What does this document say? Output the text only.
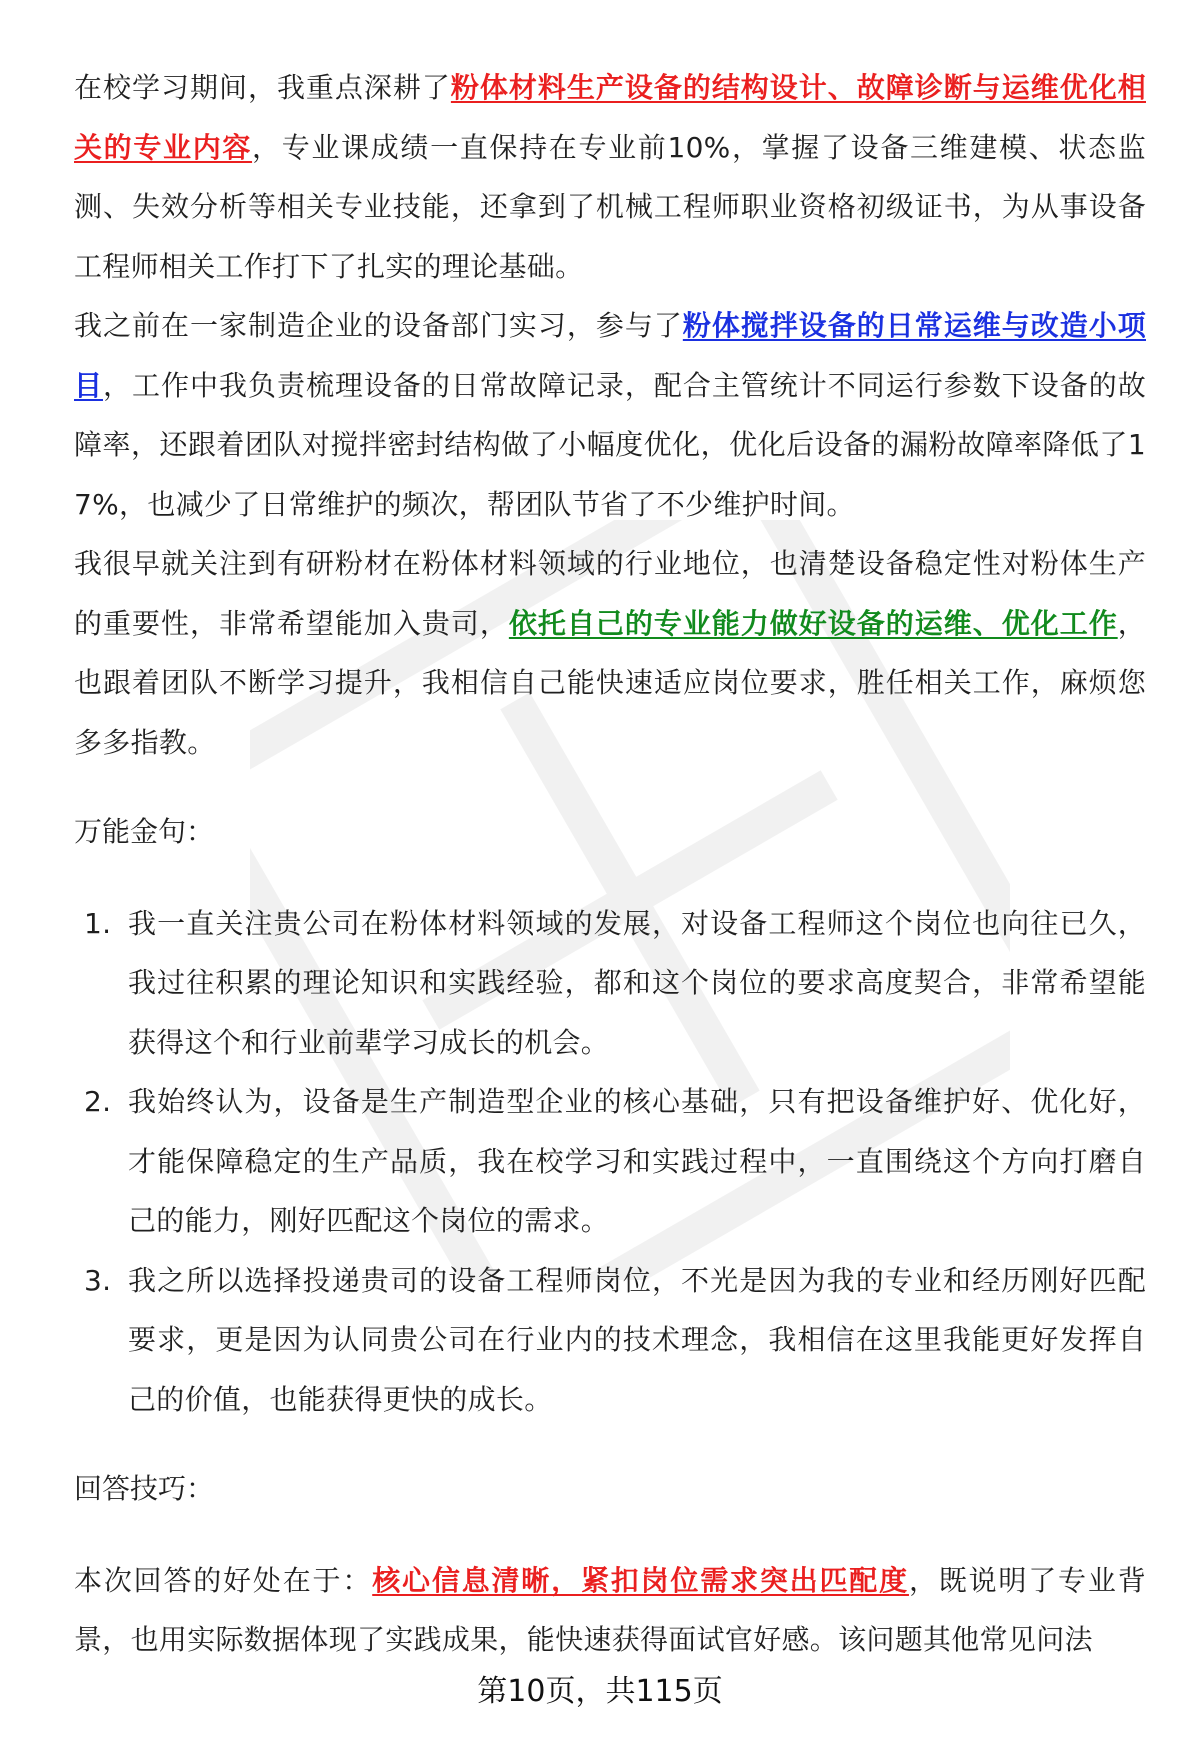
在校学习期间，我重点深耕了粉体材料生产设备的结构设计、故障诊断与运维优化相关的专业内容，专业课成绩一直保持在专业前10%，掌握了设备三维建模、状态监测、失效分析等相关专业技能，还拿到了机械工程师职业资格初级证书，为从事设备工程师相关工作打下了扎实的理论基础。

我之前在一家制造企业的设备部门实习，参与了粉体搅拌设备的日常运维与改造小项目，工作中我负责梳理设备的日常故障记录，配合主管统计不同运行参数下设备的故障率，还跟着团队对搅拌密封结构做了小幅度优化，优化后设备的漏粉故障率降低了17%，也减少了日常维护的频次，帮团队节省了不少维护时间。

我很早就关注到有研粉材在粉体材料领域的行业地位，也清楚设备稳定性对粉体生产的重要性，非常希望能加入贵司，依托自己的专业能力做好设备的运维、优化工作，也跟着团队不断学习提升，我相信自己能快速适应岗位要求，胜任相关工作，麻烦您多多指教。

万能金句：

1. 我一直关注贵公司在粉体材料领域的发展，对设备工程师这个岗位也向往已久，我过往积累的理论知识和实践经验，都和这个岗位的要求高度契合，非常希望能获得这个和行业前辈学习成长的机会。
2. 我始终认为，设备是生产制造型企业的核心基础，只有把设备维护好、优化好，才能保障稳定的生产品质，我在校学习和实践过程中，一直围绕这个方向打磨自己的能力，刚好匹配这个岗位的需求。
3. 我之所以选择投递贵司的设备工程师岗位，不光是因为我的专业和经历刚好匹配要求，更是因为认同贵公司在行业内的技术理念，我相信在这里我能更好发挥自己的价值，也能获得更快的成长。

回答技巧：

本次回答的好处在于：核心信息清晰，紧扣岗位需求突出匹配度，既说明了专业背景，也用实际数据体现了实践成果，能快速获得面试官好感。该问题其他常见问法

第10页，共115页
